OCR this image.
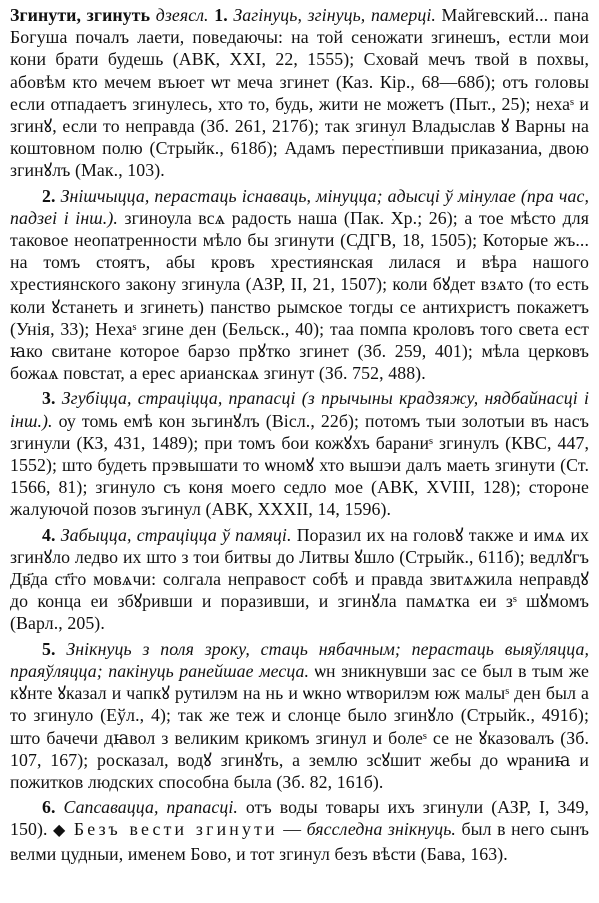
Згинути, згинуть дзеясл. 1. Загінуць, згінуць, памерці. Майгевский... пана Богуша почалъ лаети, поведаючы: на той сеножати згинешъ, естли мои кони брати будешь (АВК, XXI, 22, 1555); Сховай мечъ твой в похвы, абовѣм кто мечем въюет ѡт меча згинет (Каз. Кір., 68—68б); отъ головы если отпадаетъ згинулесь, хто то, будь, жити не можетъ (Пыт., 25); нехаˢ и згинꙋ, если то неправда (Зб. 261, 217б); так згинул Владыслав ꙋ Варны на коштовном полю (Стрыйк., 618б); Адамъ перестׄпивши приказаниа, двою згинꙋлъ (Мак., 103).

2. Знішчыцца, перастаць існаваць, мінуцца; адысці ў мінулае (пра час, падзеі і інш.). згиноула всѧ радость наша (Пак. Хр.; 26); а тое мѣсто для таковое неопатренности мѣло бы згинути (СДГВ, 18, 1505); Которые жъ... на томъ стоятъ, абы кровъ хрестиянская лилася и вѣра нашого хрестиянского закону згинула (АЗР, II, 21, 1507); коли бꙋдет взѧто (то есть коли ꙋстанеть и згинеть) панство рымское тогды се антихристъ покажетъ (Унія, 33); Нехаˢ згине ден (Бельск., 40); таа помпа кроловъ того света ест ꙗко свитане которое барзо прꙋтко згинет (Зб. 259, 401); мѣла церковъ божаѧ повстат, а ерес арианскаѧ згинут (Зб. 752, 488).

3. Згубіцца, страціцца, прапасці (з прычыны крадзяжу, нядбайнасці і інш.). оу томь емѣ кон зьгинꙋлъ (Вісл., 22б); потомъ тыи золотыи въ насъ згинули (КЗ, 431, 1489); при томъ бои кожꙋхъ бараниˢ згинулъ (КВС, 447, 1552); што будеть прэвышати то ѡномꙋ хто вышэи далъ маеть згинути (Ст. 1566, 81); згинуло съ коня моего седло мое (АВК, XVIII, 128); стороне жалуючой позов зъгинул (АВК, XXXII, 14, 1596).

4. Забыцца, страціцца ў памяці. Поразил их на головꙋ также и имѧ их згинꙋло ледво их што з тои битвы до Литвы ꙋшло (Стрыйк., 611б); ведлꙋгъ Дв҃да ст҃го мовѧчи: солгала неправост собѣ и правда звитѧжила неправдꙋ до конца еи збꙋривши и поразивши, и згинꙋла памѧтка еи зˢ шꙋмомъ (Варл., 205).

5. Знікнуць з поля зроку, стаць нябачным; перастаць выяўляцца, праяўляцца; пакінуць ранейшае месца. ѡн зникнувши зас се был в тым же кꙋнте ꙋказал и чапкꙋ рутилэм на нь и ѡкно ѡтворилэм юж малыˢ ден был а то згинуло (Еўл., 4); так же теж и слонце было згинꙋло (Стрыйк., 491б); што бачечи дꙗвол з великим крикомъ згинул и болеˢ се не ꙋказовалъ (Зб. 107, 167); росказал, водꙋ згинꙋть, а землю зсꙋшит жебы до ѡраниꙗ и пожитков людских способна была (Зб. 82, 161б).

6. Сапсавацца, прапасці. отъ воды товары ихъ згинули (АЗР, I, 349, 150). ◆ Безъ вести згинути — бясследна знікнуць. был в него сынъ велми цудныи, именем Бово, и тот згинул безъ вѣсти (Бава, 163).
